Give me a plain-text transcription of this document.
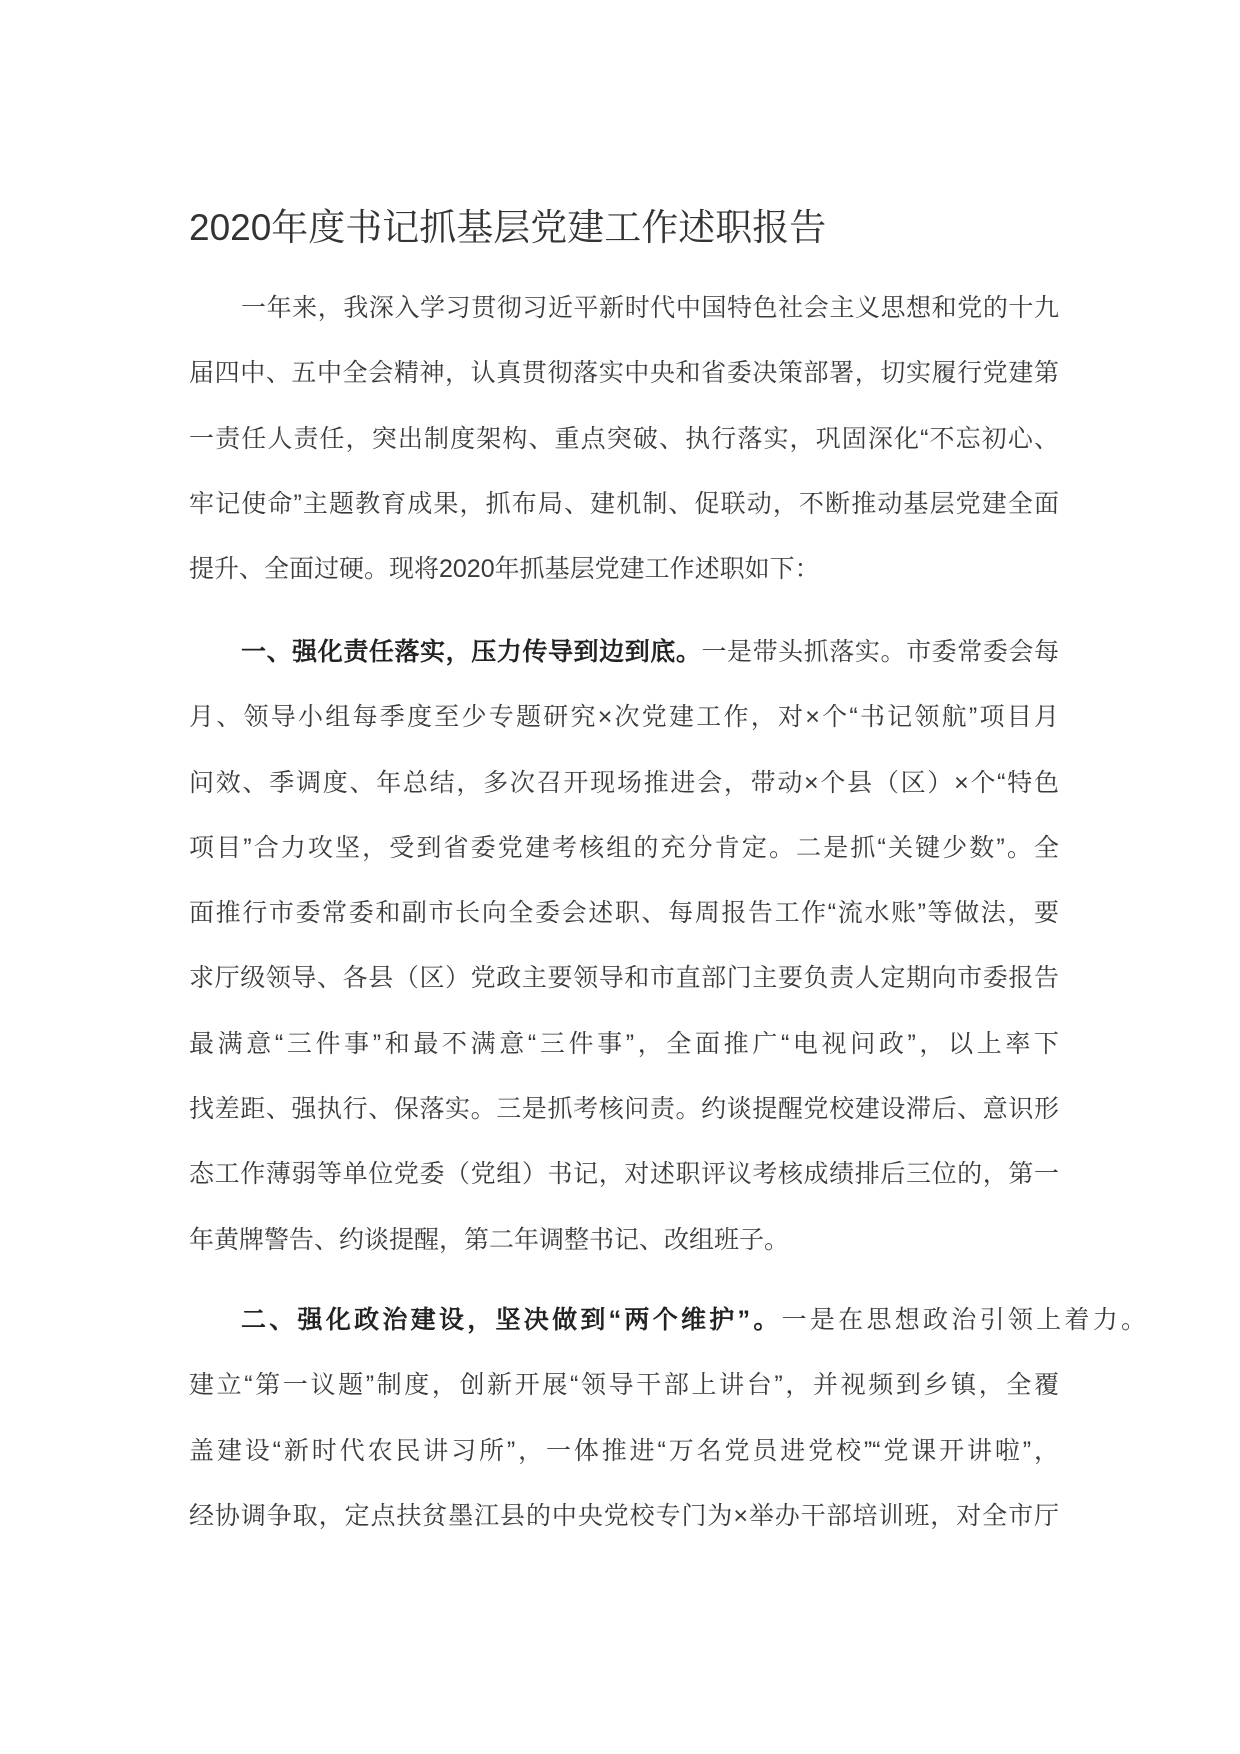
2020年度书记抓基层党建工作述职报告
一年来，我深入学习贯彻习近平新时代中国特色社会主义思想和党的十九
届四中、五中全会精神，认真贯彻落实中央和省委决策部署，切实履行党建第
一责任人责任，突出制度架构、重点突破、执行落实，巩固深化“不忘初心、
牢记使命”主题教育成果，抓布局、建机制、促联动，不断推动基层党建全面
提升、全面过硬。现将2020年抓基层党建工作述职如下：
一、强化责任落实，压力传导到边到底。一是带头抓落实。市委常委会每
月、领导小组每季度至少专题研究×次党建工作，对×个“书记领航”项目月
问效、季调度、年总结，多次召开现场推进会，带动×个县（区）×个“特色
项目”合力攻坚，受到省委党建考核组的充分肯定。二是抓“关键少数”。全
面推行市委常委和副市长向全委会述职、每周报告工作“流水账”等做法，要
求厅级领导、各县（区）党政主要领导和市直部门主要负责人定期向市委报告
最满意“三件事”和最不满意“三件事”，全面推广“电视问政”，以上率下
找差距、强执行、保落实。三是抓考核问责。约谈提醒党校建设滞后、意识形
态工作薄弱等单位党委（党组）书记，对述职评议考核成绩排后三位的，第一
年黄牌警告、约谈提醒，第二年调整书记、改组班子。
二、强化政治建设，坚决做到“两个维护”。一是在思想政治引领上着力。
建立“第一议题”制度，创新开展“领导干部上讲台”，并视频到乡镇，全覆
盖建设“新时代农民讲习所”，一体推进“万名党员进党校”“党课开讲啦”，
经协调争取，定点扶贫墨江县的中央党校专门为×举办干部培训班，对全市厅
